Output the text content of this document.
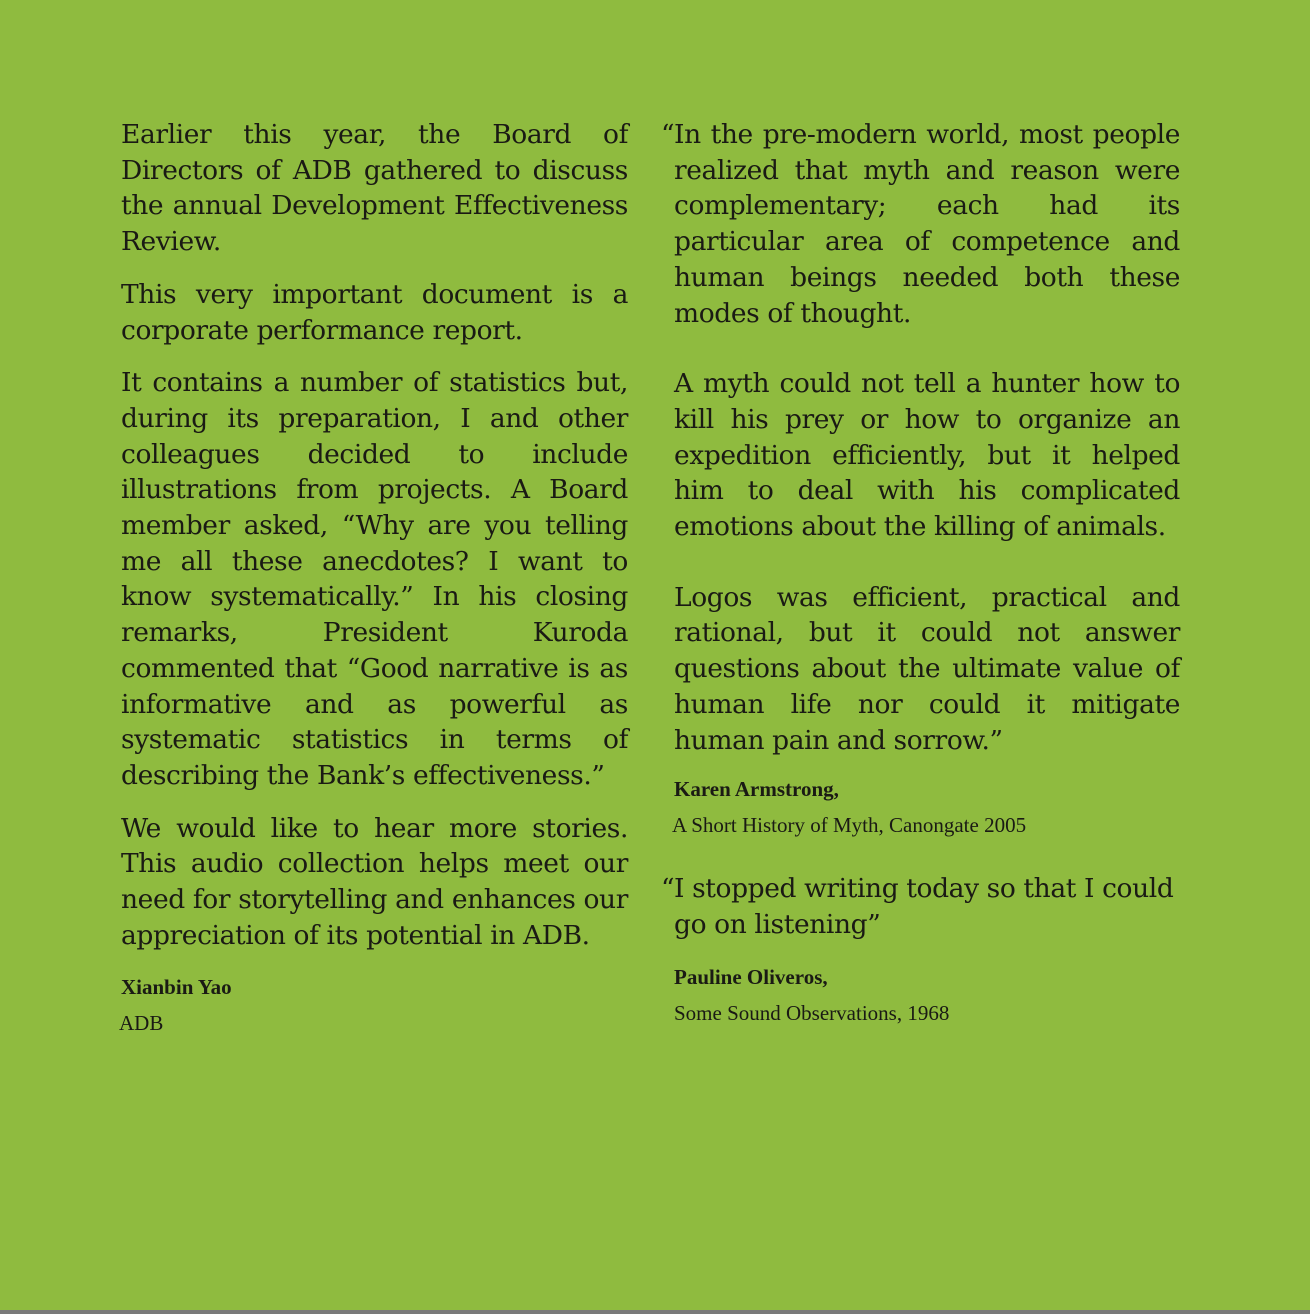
Earlier this year, the Board of Directors of ADB gathered to discuss the annual Development Effectiveness Review.

This very important document is a corporate performance report.

It contains a number of statistics but, during its preparation, I and other colleagues decided to include illustrations from projects. A Board member asked, “Why are you telling me all these anecdotes? I want to know systematically.” In his closing remarks, President Kuroda commented that “Good narrative is as informative and as powerful as systematic statistics in terms of describing the Bank’s effectiveness.”

We would like to hear more stories. This audio collection helps meet our need for storytelling and enhances our appreciation of its potential in ADB.

Xianbin Yao

ADB

“ In the pre-modern world, most people realized that myth and reason were complementary; each had its particular area of competence and human beings needed both these modes of thought.

A myth could not tell a hunter how to kill his prey or how to organize an expedition efficiently, but it helped him to deal with his complicated emotions about the killing of animals.

Logos was efficient, practical and rational, but it could not answer questions about the ultimate value of human life nor could it mitigate human pain and sorrow.”

Karen Armstrong,

A Short History of Myth, Canongate 2005

“ I stopped writing today so that I could go on listening”

Pauline Oliveros,

Some Sound Observations, 1968
